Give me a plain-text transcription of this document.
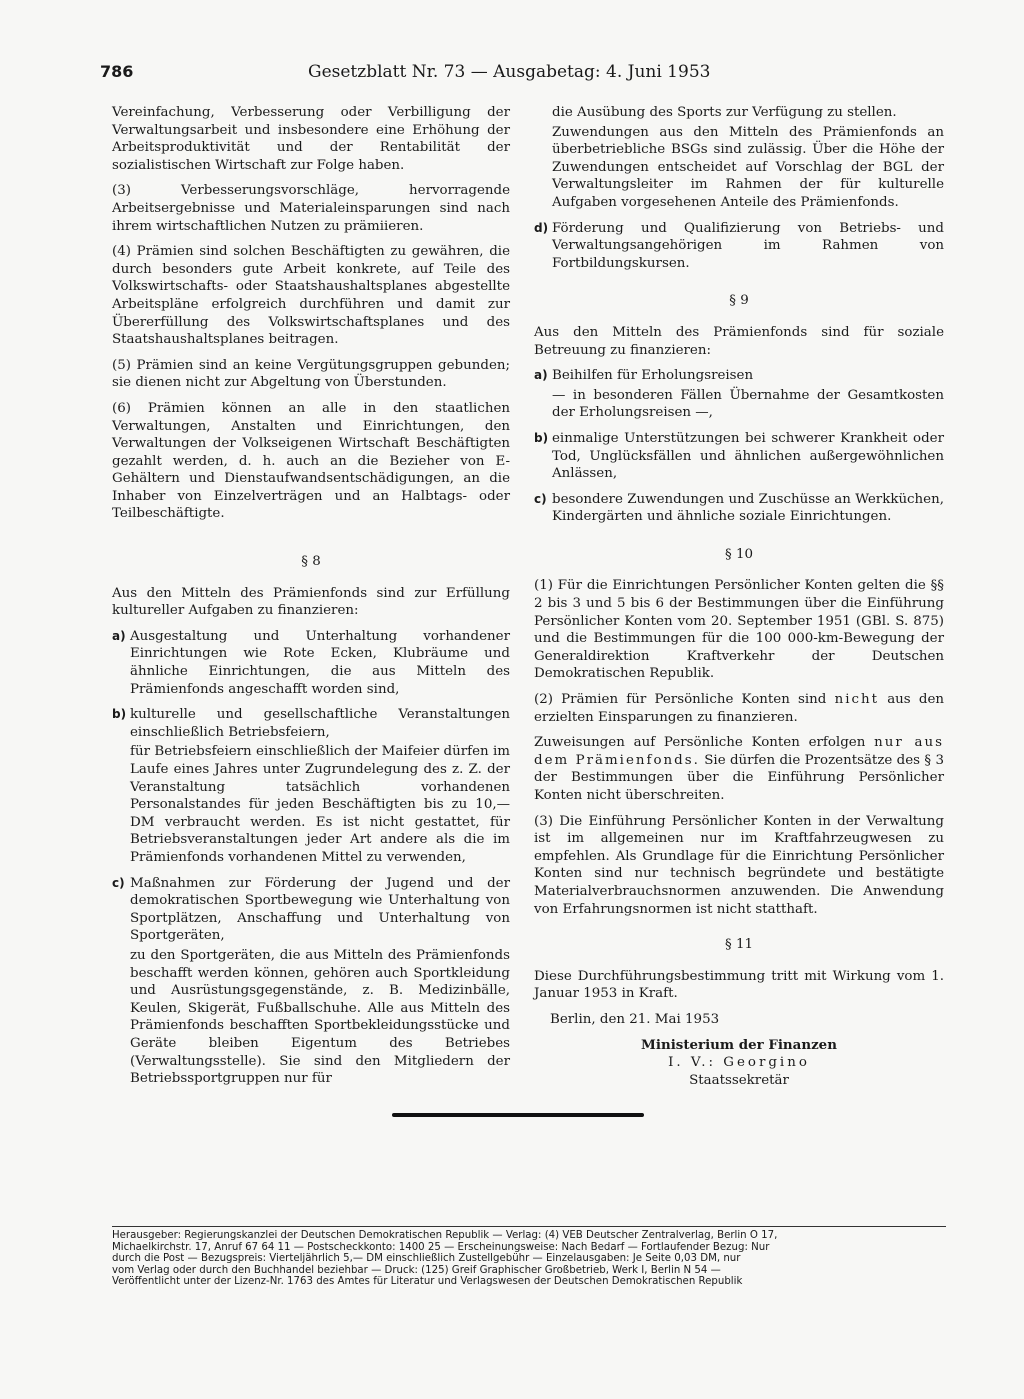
786	Gesetzblatt Nr. 73 — Ausgabetag: 4. Juni 1953

Vereinfachung, Verbesserung oder Verbilligung der Verwaltungsarbeit und insbesondere eine Erhöhung der Arbeitsproduktivität und der Rentabilität der sozialistischen Wirtschaft zur Folge haben.

(3) Verbesserungsvorschläge, hervorragende Arbeitsergebnisse und Materialeinsparungen sind nach ihrem wirtschaftlichen Nutzen zu prämiieren.

(4) Prämien sind solchen Beschäftigten zu gewähren, die durch besonders gute Arbeit konkrete, auf Teile des Volkswirtschafts- oder Staatshaushaltsplanes abgestellte Arbeitspläne erfolgreich durchführen und damit zur Übererfüllung des Volkswirtschaftsplanes und des Staatshaushaltsplanes beitragen.

(5) Prämien sind an keine Vergütungsgruppen gebunden; sie dienen nicht zur Abgeltung von Überstunden.

(6) Prämien können an alle in den staatlichen Verwaltungen, Anstalten und Einrichtungen, den Verwaltungen der Volkseigenen Wirtschaft Beschäftigten gezahlt werden, d. h. auch an die Bezieher von E-Gehältern und Dienstaufwandsentschädigungen, an die Inhaber von Einzelverträgen und an Halbtags- oder Teilbeschäftigte.

§ 8

Aus den Mitteln des Prämienfonds sind zur Erfüllung kultureller Aufgaben zu finanzieren:

a) Ausgestaltung und Unterhaltung vorhandener Einrichtungen wie Rote Ecken, Klubräume und ähnliche Einrichtungen, die aus Mitteln des Prämienfonds angeschafft worden sind,

b) kulturelle und gesellschaftliche Veranstaltungen einschließlich Betriebsfeiern,

für Betriebsfeiern einschließlich der Maifeier dürfen im Laufe eines Jahres unter Zugrundelegung des z. Z. der Veranstaltung tatsächlich vorhandenen Personalstandes für jeden Beschäftigten bis zu 10,— DM verbraucht werden. Es ist nicht gestattet, für Betriebsveranstaltungen jeder Art andere als die im Prämienfonds vorhandenen Mittel zu verwenden,

c) Maßnahmen zur Förderung der Jugend und der demokratischen Sportbewegung wie Unterhaltung von Sportplätzen, Anschaffung und Unterhaltung von Sportgeräten,

zu den Sportgeräten, die aus Mitteln des Prämienfonds beschafft werden können, gehören auch Sportkleidung und Ausrüstungsgegenstände, z. B. Medizinbälle, Keulen, Skigerät, Fußballschuhe. Alle aus Mitteln des Prämienfonds beschafften Sportbekleidungsstücke und Geräte bleiben Eigentum des Betriebes (Verwaltungsstelle). Sie sind den Mitgliedern der Betriebssportgruppen nur für

die Ausübung des Sports zur Verfügung zu stellen.

Zuwendungen aus den Mitteln des Prämienfonds an überbetriebliche BSGs sind zulässig. Über die Höhe der Zuwendungen entscheidet auf Vorschlag der BGL der Verwaltungsleiter im Rahmen der für kulturelle Aufgaben vorgesehenen Anteile des Prämienfonds.

d) Förderung und Qualifizierung von Betriebs- und Verwaltungsangehörigen im Rahmen von Fortbildungskursen.

§ 9

Aus den Mitteln des Prämienfonds sind für soziale Betreuung zu finanzieren:

a) Beihilfen für Erholungsreisen

— in besonderen Fällen Übernahme der Gesamtkosten der Erholungsreisen —,

b) einmalige Unterstützungen bei schwerer Krankheit oder Tod, Unglücksfällen und ähnlichen außergewöhnlichen Anlässen,

c) besondere Zuwendungen und Zuschüsse an Werkküchen, Kindergärten und ähnliche soziale Einrichtungen.

§ 10

(1) Für die Einrichtungen Persönlicher Konten gelten die §§ 2 bis 3 und 5 bis 6 der Bestimmungen über die Einführung Persönlicher Konten vom 20. September 1951 (GBl. S. 875) und die Bestimmungen für die 100 000-km-Bewegung der Generaldirektion Kraftverkehr der Deutschen Demokratischen Republik.

(2) Prämien für Persönliche Konten sind nicht aus den erzielten Einsparungen zu finanzieren.

Zuweisungen auf Persönliche Konten erfolgen nur aus dem Prämienfonds. Sie dürfen die Prozentsätze des § 3 der Bestimmungen über die Einführung Persönlicher Konten nicht überschreiten.

(3) Die Einführung Persönlicher Konten in der Verwaltung ist im allgemeinen nur im Kraftfahrzeugwesen zu empfehlen. Als Grundlage für die Einrichtung Persönlicher Konten sind nur technisch begründete und bestätigte Materialverbrauchsnormen anzuwenden. Die Anwendung von Erfahrungsnormen ist nicht statthaft.

§ 11

Diese Durchführungsbestimmung tritt mit Wirkung vom 1. Januar 1953 in Kraft.

Berlin, den 21. Mai 1953

Ministerium der Finanzen
I. V.: Georgino
Staatssekretär
Herausgeber: Regierungskanzlei der Deutschen Demokratischen Republik — Verlag: (4) VEB Deutscher Zentralverlag, Berlin O 17,
Michaelkirchstr. 17, Anruf 67 64 11 — Postscheckkonto: 1400 25 — Erscheinungsweise: Nach Bedarf — Fortlaufender Bezug: Nur
durch die Post — Bezugspreis: Vierteljährlich 5,— DM einschließlich Zustellgebühr — Einzelausgaben: Je Seite 0,03 DM, nur
vom Verlag oder durch den Buchhandel beziehbar — Druck: (125) Greif Graphischer Großbetrieb, Werk I, Berlin N 54 —
Veröffentlicht unter der Lizenz-Nr. 1763 des Amtes für Literatur und Verlagswesen der Deutschen Demokratischen Republik
